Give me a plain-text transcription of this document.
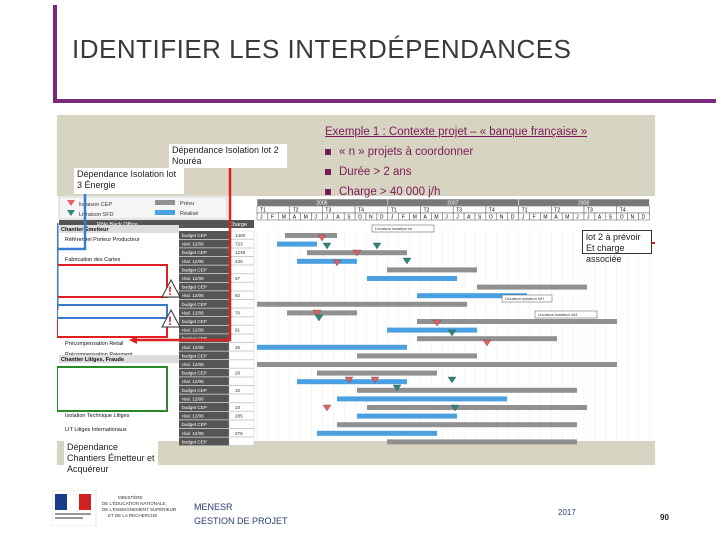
IDENTIFIER LES INTERDÉPENDANCES
livraison CEP
Livraison SFD
Prévu
Réalisé
Charge
2006	2007	2008
T1	T2	T3	T4	T1	T2	T3	T4	T1	T2	T3	T4
J F M A M J J A S O N D J F M A M J J A S O N D J F M A M J J A S O N D
Chantier Émetteur
Référentiel Porteur Producteur
Fabrication des Cartes
Précompensation Retail
Chantier Litiges, Fraude
Isolation Technique Litiges
LIT Litiges Internationaux
budget CEP	1460
réal. 12/06	723
budget CEP	1246
réal. 12/06	430
budget CEP
réal. 12/06	57
budget CEP
réal. 12/06	82
budget CEP
réal. 12/06	70
budget CEP
réal. 12/06	91
budget CEP
réal. 12/06	35
budget CEP
réal. 12/06
budget CEP	28
réal. 12/06
budget CEP	10
réal. 12/06
budget CEP	10
réal. 12/06	285
budget CEP
réal. 12/06	278
budget CEP
Livraison isolation lot
Livraison isolation lot?
Livraison isolation lot3
!
!
Dépendance Isolation lot 2 Nouréa
Dépendance Isolation lot 3 Énergie
Dépendance Chantiers Émetteur et Acquéreur
lot 2 à prévoir Et charge associée
Exemple 1 : Contexte projet – « banque française »
« n » projets à coordonner
Durée > 2 ans
Charge > 40 000 j/h
MINISTÈRE
DE L'ÉDUCATION NATIONALE,
DE L'ENSEIGNEMENT SUPÉRIEUR
ET DE LA RECHERCHE
MENESR
GESTION DE PROJET
2017
90
